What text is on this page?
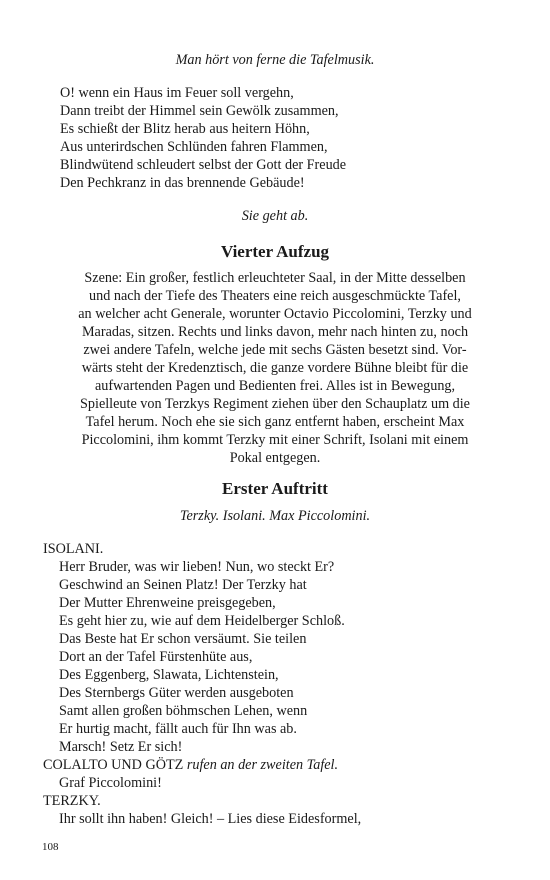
Man hört von ferne die Tafelmusik.
O! wenn ein Haus im Feuer soll vergehn,
Dann treibt der Himmel sein Gewölk zusammen,
Es schießt der Blitz herab aus heitern Höhn,
Aus unterirdschen Schlünden fahren Flammen,
Blindwütend schleudert selbst der Gott der Freude
Den Pechkranz in das brennende Gebäude!
Sie geht ab.
Vierter Aufzug
Szene: Ein großer, festlich erleuchteter Saal, in der Mitte desselben
und nach der Tiefe des Theaters eine reich ausgeschmückte Tafel,
an welcher acht Generale, worunter Octavio Piccolomini, Terzky und
Maradas, sitzen. Rechts und links davon, mehr nach hinten zu, noch
zwei andere Tafeln, welche jede mit sechs Gästen besetzt sind. Vor-
wärts steht der Kredenztisch, die ganze vordere Bühne bleibt für die
aufwartenden Pagen und Bedienten frei. Alles ist in Bewegung,
Spielleute von Terzkys Regiment ziehen über den Schauplatz um die
Tafel herum. Noch ehe sie sich ganz entfernt haben, erscheint Max
Piccolomini, ihm kommt Terzky mit einer Schrift, Isolani mit einem
Pokal entgegen.
Erster Auftritt
Terzky. Isolani. Max Piccolomini.
ISOLANI.
Herr Bruder, was wir lieben! Nun, wo steckt Er?
Geschwind an Seinen Platz! Der Terzky hat
Der Mutter Ehrenweine preisgegeben,
Es geht hier zu, wie auf dem Heidelberger Schloß.
Das Beste hat Er schon versäumt. Sie teilen
Dort an der Tafel Fürstenhüte aus,
Des Eggenberg, Slawata, Lichtenstein,
Des Sternbergs Güter werden ausgeboten
Samt allen großen böhmschen Lehen, wenn
Er hurtig macht, fällt auch für Ihn was ab.
Marsch! Setz Er sich!
COLALTO UND GÖTZ rufen an der zweiten Tafel.
Graf Piccolomini!
TERZKY.
Ihr sollt ihn haben! Gleich! – Lies diese Eidesformel,
108
